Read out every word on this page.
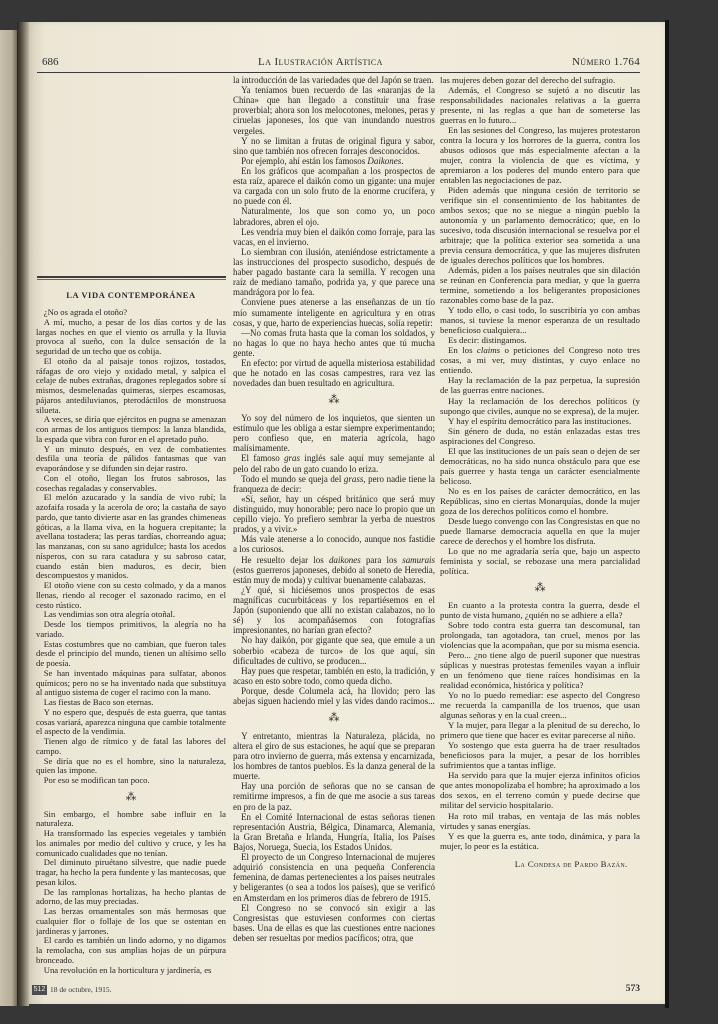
686	La Ilustración Artística	Número 1.764
LA VIDA CONTEMPORÁNEA

¿No os agrada el otoño?

A mí, mucho, a pesar de los días cortos y de las largas noches en que el viento os arrulla y la lluvia provoca al sueño, con la dulce sensación de la seguridad de un techo que os cobija.

El otoño da al paisaje tonos rojizos, tostados, ráfagas de oro viejo y oxidado metal, y salpica el celaje de nubes extrañas, dragones replegados sobre sí mismos, desmelenadas quimeras, sierpes escamosas, pájaros antediluvianos, pterodáctilos de monstruosa silueta.

A veces, se diría que ejércitos en pugna se amenazan con armas de los antiguos tiempos: la lanza blandida, la espada que vibra con furor en el apretado puño.

Y un minuto después, en vez de combatientes desfila una teoría de pálidos fantasmas que van evaporándose y se difunden sin dejar rastro.

Con el otoño, llegan los frutos sabrosos, las cosechas regaladas y conservables.

El melón azucarado y la sandía de vivo rubí; la azofaifa rosada y la acerola de oro; la castaña de sayo pardo, que tanto divierte asar en las grandes chimeneas góticas, a la llama viva, en la hoguera crepitante; la avellana tostadera; las peras tardías, chorreando agua; las manzanas, con su sano agridulce; hasta los acedos nísperos, con su rara catadura y su sabroso catar, cuando están bien maduros, es decir, bien descompuestos y manidos.

El otoño viene con su cesto colmado, y da a manos llenas, riendo al recoger el sazonado racimo, en el cesto rústico.

Las vendimias son otra alegría otoñal.

Desde los tiempos primitivos, la alegría no ha variado.

Estas costumbres que no cambian, que fueron tales desde el principio del mundo, tienen un altísimo sello de poesía.

Se han inventado máquinas para sulfatar, abonos químicos; pero no se ha inventado nada que substituya al antiguo sistema de coger el racimo con la mano.

Las fiestas de Baco son eternas.

Y no espero que, después de esta guerra, que tantas cosas variará, aparezca ninguna que cambie totalmente el aspecto de la vendimia.

Tienen algo de rítmico y de fatal las labores del campo.

Se diría que no es el hombre, sino la naturaleza, quien las impone.

Por eso se modifican tan poco.

⁂

Sin embargo, el hombre sabe influir en la naturaleza.

Ha transformado las especies vegetales y también los animales por medio del cultivo y cruce, y les ha comunicado cualidades que no tenían.

Del diminuto piruétano silvestre, que nadie puede tragar, ha hecho la pera fundente y las mantecosas, que pesan kilos.

De las ramplonas hortalizas, ha hecho plantas de adorno, de las muy preciadas.

Las berzas ornamentales son más hermosas que cualquier flor o follaje de los que se ostentan en jardineras y jarrones.

El cardo es también un lindo adorno, y no digamos la remolacha, con sus amplias hojas de un púrpura bronceado.

Una revolución en la horticultura y jardinería, es

la introducción de las variedades que del Japón se traen.

Ya teníamos buen recuerdo de las «naranjas de la China» que han llegado a constituir una frase proverbial; ahora son los melocotones, melones, peras y ciruelas japoneses, los que van inundando nuestros vergeles.

Y no se limitan a frutas de original figura y sabor, sino que también nos ofrecen forrajes desconocidos.

Por ejemplo, ahí están los famosos Daikones.

En los gráficos que acompañan a los prospectos de esta raíz, aparece el daikón como un gigante: una mujer va cargada con un solo fruto de la enorme crucífera, y no puede con él.

Naturalmente, los que son como yo, un poco labradores, abren el ojo.

Les vendría muy bien el daikón como forraje, para las vacas, en el invierno.

Lo siembran con ilusión, ateniéndose estrictamente a las instrucciones del prospecto susodicho, después de haber pagado bastante cara la semilla. Y recogen una raíz de mediano tamaño, podrida ya, y que parece una mandrágora por lo fea.

Conviene pues atenerse a las enseñanzas de un tío mío sumamente inteligente en agricultura y en otras cosas, y que, harto de experiencias huecas, solía repetir:

—No comas fruta hasta que la coman los soldados, y no hagas lo que no haya hecho antes que tú mucha gente.

En efecto: por virtud de aquella misteriosa estabilidad que he notado en las cosas campestres, rara vez las novedades dan buen resultado en agricultura.

⁂

Yo soy del número de los inquietos, que sienten un estímulo que les obliga a estar siempre experimentando; pero confieso que, en materia agrícola, hago malísimamente.

El famoso gras inglés sale aquí muy semejante al pelo del rabo de un gato cuando lo eriza.

Todo el mundo se queja del grass, pero nadie tiene la franqueza de decir:

«Sí, señor, hay un césped británico que será muy distinguido, muy honorable; pero nace lo propio que un cepillo viejo. Yo prefiero sembrar la yerba de nuestros prados, y a vivir.»

Más vale atenerse a lo conocido, aunque nos fastidie a los curiosos.

He resuelto dejar los daikones para los samurais (estos guerreros japoneses, debido al soneto de Heredia, están muy de moda) y cultivar buenamente calabazas.

¿Y qué, si hiciésemos unos prospectos de esas magníficas cucurbitáceas y los repartiésemos en el Japón (suponiendo que allí no existan calabazos, no lo sé) y los acompañásemos con fotografías impresionantes, no harían gran efecto?

No hay daikón, por gigante que sea, que emule a un soberbio «cabeza de turco» de los que aquí, sin dificultades de cultivo, se producen...

Hay pues que respetar, también en esto, la tradición, y acaso en esto sobre todo, como queda dicho.

Porque, desde Columela acá, ha llovido; pero las abejas siguen haciendo miel y las vides dando racimos...

⁂

Y entretanto, mientras la Naturaleza, plácida, no altera el giro de sus estaciones, he aquí que se preparan para otro invierno de guerra, más extensa y encarnizada, los hombres de tantos pueblos. Es la danza general de la muerte.

Hay una porción de señoras que no se cansan de remitirme impresos, a fin de que me asocie a sus tareas en pro de la paz.

En el Comité Internacional de estas señoras tienen representación Austria, Bélgica, Dinamarca, Alemania, la Gran Bretaña e Irlanda, Hungría, Italia, los Países Bajos, Noruega, Suecia, los Estados Unidos.

El proyecto de un Congreso Internacional de mujeres adquirió consistencia en una pequeña Conferencia femenina, de damas pertenecientes a los países neutrales y beligerantes (o sea a todos los países), que se verificó en Amsterdam en los primeros días de febrero de 1915.

El Congreso no se convocó sin exigir a las Congresistas que estuviesen conformes con ciertas bases. Una de ellas es que las cuestiones entre naciones deben ser resueltas por medios pacíficos; otra, que

las mujeres deben gozar del derecho del sufragio.

Además, el Congreso se sujetó a no discutir las responsabilidades nacionales relativas a la guerra presente, ni las reglas a que han de someterse las guerras en lo futuro...

En las sesiones del Congreso, las mujeres protestaron contra la locura y los horrores de la guerra, contra los abusos odiosos que más especialmente afectan a la mujer, contra la violencia de que es víctima, y apremiaron a los poderes del mundo entero para que entablen las negociaciones de paz.

Piden además que ninguna cesión de territorio se verifique sin el consentimiento de los habitantes de ambos sexos; que no se niegue a ningún pueblo la autonomía y un parlamento democrático; que, en lo sucesivo, toda discusión internacional se resuelva por el arbitraje; que la política exterior sea sometida a una previa censura democrática, y que las mujeres disfruten de iguales derechos políticos que los hombres.

Además, piden a los países neutrales que sin dilación se reúnan en Conferencia para mediar, y que la guerra termine, sometiendo a los beligerantes proposiciones razonables como base de la paz.

Y todo ello, o casi todo, lo suscribiría yo con ambas manos, si tuviese la menor esperanza de un resultado beneficioso cualquiera...

Es decir: distingamos.

En los claims o peticiones del Congreso noto tres cosas, a mi ver, muy distintas, y cuyo enlace no entiendo.

Hay la reclamación de la paz perpetua, la supresión de las guerras entre naciones.

Hay la reclamación de los derechos políticos (y supongo que civiles, aunque no se expresa), de la mujer.

Y hay el espíritu democrático para las instituciones.

Sin género de duda, no están enlazadas estas tres aspiraciones del Congreso.

El que las instituciones de un país sean o dejen de ser democráticas, no ha sido nunca obstáculo para que ese país guerree y hasta tenga un carácter esencialmente belicoso.

No es en los países de carácter democrático, en las Repúblicas, sino en ciertas Monarquías, donde la mujer goza de los derechos políticos como el hombre.

Desde luego convengo con las Congresistas en que no puede llamarse democracia aquella en que la mujer carece de derechos y el hombre los disfruta.

Lo que no me agradaría sería que, bajo un aspecto feminista y social, se rebozase una mera parcialidad política.

⁂

En cuanto a la protesta contra la guerra, desde el punto de vista humano, ¿quién no se adhiere a ella?

Sobre todo contra esta guerra tan descomunal, tan prolongada, tan agotadora, tan cruel, menos por las violencias que la acompañan, que por su misma esencia.

Pero... ¿no tiene algo de pueril suponer que nuestras súplicas y nuestras protestas femeniles vayan a influir en un fenómeno que tiene raíces hondísimas en la realidad económica, histórica y política?

Yo no lo puedo remediar: ese aspecto del Congreso me recuerda la campanilla de los truenos, que usan algunas señoras y en la cual creen...

Y la mujer, para llegar a la plenitud de su derecho, lo primero que tiene que hacer es evitar parecerse al niño.

Yo sostengo que esta guerra ha de traer resultados beneficiosos para la mujer, a pesar de los horribles sufrimientos que a tantas inflige.

Ha servido para que la mujer ejerza infinitos oficios que antes monopolizaba el hombre; ha aproximado a los dos sexos, en el terreno común y puede decirse que militar del servicio hospitalario.

Ha roto mil trabas, en ventaja de las más nobles virtudes y sanas energías.

Y es que la guerra es, ante todo, dinámica, y para la mujer, lo peor es la estática.

La Condesa de Pardo Bazán.
512 18 de octubre, 1915.	573
